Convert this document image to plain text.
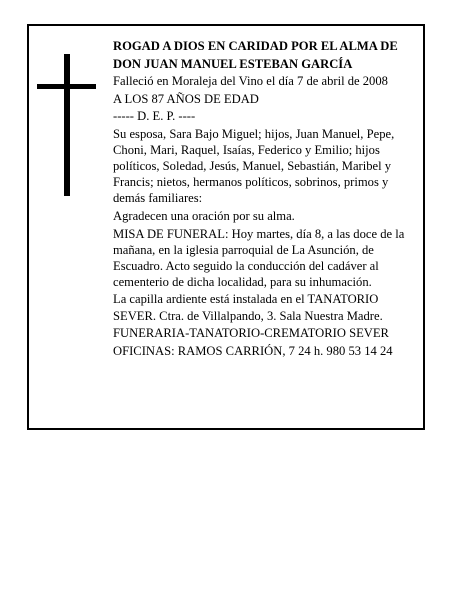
ROGAD A DIOS EN CARIDAD POR EL ALMA DE

DON JUAN MANUEL ESTEBAN GARCÍA

Falleció en Moraleja del Vino el día 7 de abril de 2008

A LOS 87 AÑOS DE EDAD

----- D. E. P. ----

Su esposa, Sara Bajo Miguel; hijos, Juan Manuel, Pepe, Choni, Mari, Raquel, Isaías, Federico y Emilio; hijos políticos, Soledad, Jesús, Manuel, Sebastián, Maribel y Francis; nietos, hermanos políticos, sobrinos, primos y demás familiares:

Agradecen una oración por su alma.

MISA DE FUNERAL: Hoy martes, día 8, a las doce de la mañana, en la iglesia parroquial de La Asunción, de Escuadro. Acto seguido la conducción del cadáver al cementerio de dicha localidad, para su inhumación.

La capilla ardiente está instalada en el TANATORIO SEVER. Ctra. de Villalpando, 3. Sala Nuestra Madre.

FUNERARIA-TANATORIO-CREMATORIO SEVER

OFICINAS: RAMOS CARRIÓN, 7 24 h. 980 53 14 24
